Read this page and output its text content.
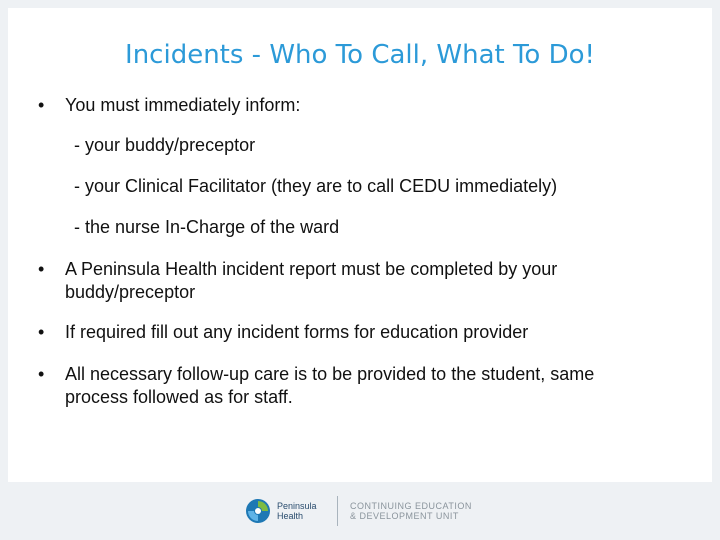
Incidents - Who To Call, What To Do!
•	You must immediately inform:
- your buddy/preceptor
- your Clinical Facilitator (they are to call CEDU immediately)
- the nurse In-Charge of the ward
•	A Peninsula Health incident report must be completed by your buddy/preceptor
•	If required fill out any incident forms for education provider
•	All necessary follow-up care is to be provided to the student, same process followed as for staff.
Peninsula
Health
CONTINUING EDUCATION
& DEVELOPMENT UNIT
